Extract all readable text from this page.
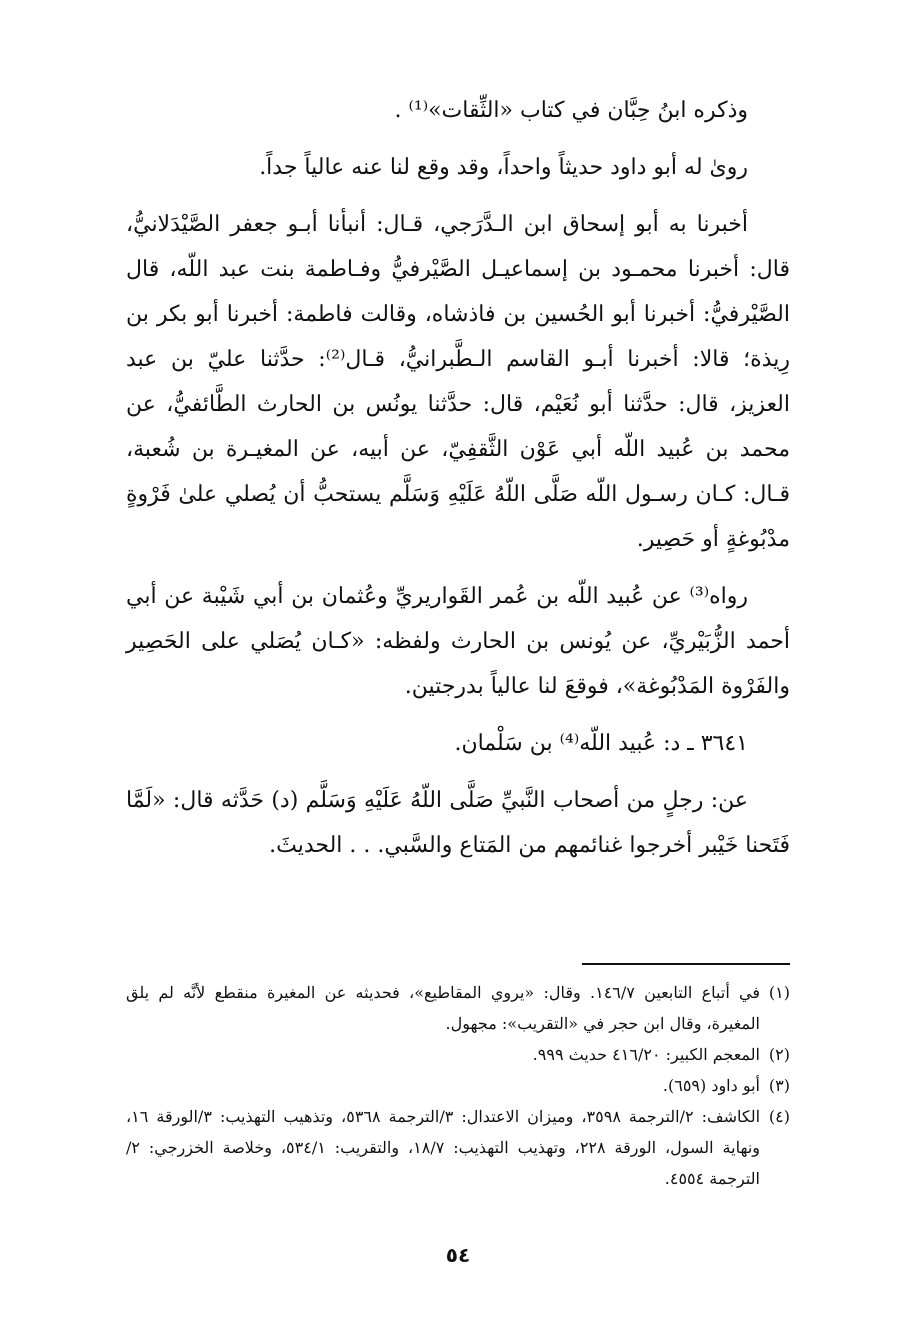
وذكره ابنُ حِبَّان في كتاب «الثِّقات»⁽¹⁾ .

روىٰ له أبو داود حديثاً واحداً، وقد وقع لنا عنه عالياً جداً.

أخبرنا به أبو إسحاق ابن الـدَّرَجي، قـال: أنبأنا أبـو جعفر الصَّيْدَلانيُّ، قال: أخبرنا محمـود بن إسماعيـل الصَّيْرفيُّ وفـاطمة بنت عبد اللّه، قال الصَّيْرفيُّ: أخبرنا أبو الحُسين بن فاذشاه، وقالت فاطمة: أخبرنا أبو بكر بن رِيذة؛ قالا: أخبرنا أبـو القاسم الـطَّبرانيُّ، قـال⁽²⁾: حدَّثنا عليّ بن عبد العزيز، قال: حدَّثنا أبو نُعَيْم، قال: حدَّثنا يونُس بن الحارث الطَّائفيُّ، عن محمد بن عُبيد اللّه أبي عَوْن الثَّقفِيّ، عن أبيه، عن المغيـرة بن شُعبة، قـال: كـان رسـول اللّه صَلَّى اللّهُ عَلَيْهِ وَسَلَّم يستحبُّ أن يُصلي علىٰ فَرْوةٍ مدْبُوغةٍ أو حَصِير.

رواه⁽³⁾ عن عُبيد اللّه بن عُمر القَواريريِّ وعُثمان بن أبي شَيْبة عن أبي أحمد الزُّبَيْريِّ، عن يُونس بن الحارث ولفظه: «كـان يُصَلي على الحَصِير والفَرْوة المَدْبُوغة»، فوقعَ لنا عالياً بدرجتين.

٣٦٤١ ـ د: عُبيد اللّه⁽⁴⁾ بن سَلْمان.

عن: رجلٍ من أصحاب النَّبيِّ صَلَّى اللّهُ عَلَيْهِ وَسَلَّم (د) حَدَّثه قال: «لَمَّا فَتَحنا خَيْبر أخرجوا غنائمهم من المَتاع والسَّبي. . . الحديثَ.

(١)
في أتباع التابعين ١٤٦/٧. وقال: «يروي المقاطيع»، فحديثه عن المغيرة منقطع لأنَّه لم يلق المغيرة، وقال ابن حجر في «التقريب»: مجهول.

(٢)
المعجم الكبير: ٤١٦/٢٠ حديث ٩٩٩.

(٣)
أبو داود (٦٥٩).

(٤)
الكاشف: ٢/الترجمة ٣٥٩٨، وميزان الاعتدال: ٣/الترجمة ٥٣٦٨، وتذهيب التهذيب: ٣/الورقة ١٦، ونهاية السول، الورقة ٢٢٨، وتهذيب التهذيب: ١٨/٧، والتقريب: ٥٣٤/١، وخلاصة الخزرجي: ٢/الترجمة ٤٥٥٤.

٥٤
